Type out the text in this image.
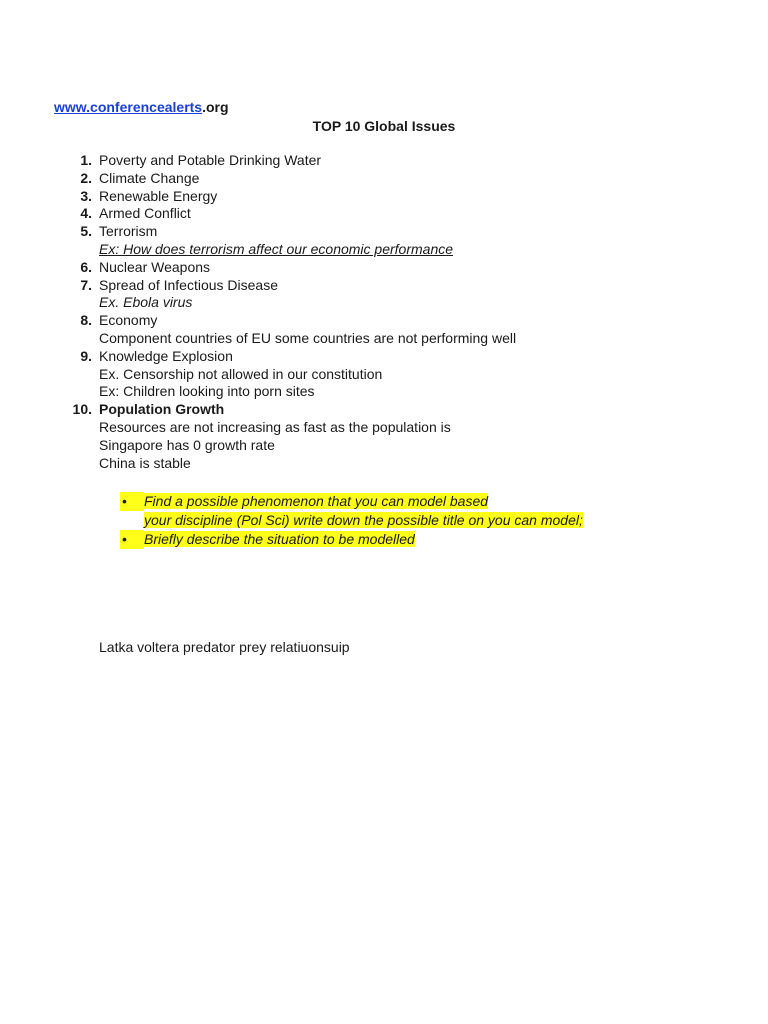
www.conferencealerts.org
TOP 10 Global Issues
1. Poverty and Potable Drinking Water
2. Climate Change
3. Renewable Energy
4. Armed Conflict
5. Terrorism
Ex: How does terrorism affect our economic performance
6. Nuclear Weapons
7. Spread of Infectious Disease
Ex. Ebola virus
8. Economy
Component countries of EU some countries are not performing well
9. Knowledge Explosion
Ex. Censorship not allowed in our constitution
Ex: Children looking into porn sites
10. Population Growth
Resources are not increasing as fast as the population is
Singapore has 0 growth rate
China is stable
•	Find a possible phenomenon that you can model based
your discipline (Pol Sci) write down the possible title on you can model;
•	Briefly describe the situation to be modelled
Latka voltera predator prey relatiuonsuip
